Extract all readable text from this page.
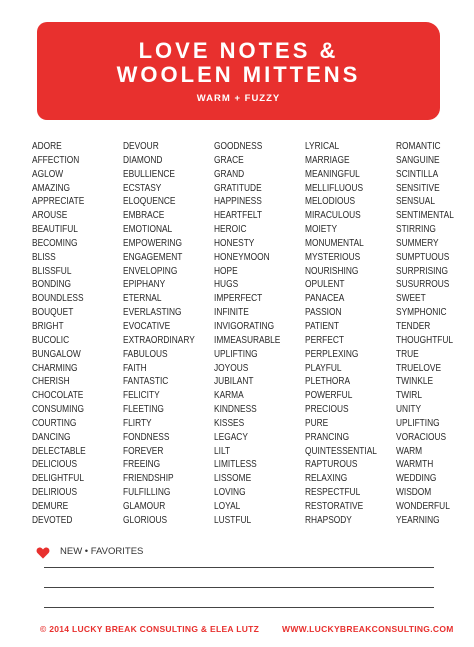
LOVE NOTES &
WOOLEN MITTENS
WARM + FUZZY
ADORE
AFFECTION
AGLOW
AMAZING
APPRECIATE
AROUSE
BEAUTIFUL
BECOMING
BLISS
BLISSFUL
BONDING
BOUNDLESS
BOUQUET
BRIGHT
BUCOLIC
BUNGALOW
CHARMING
CHERISH
CHOCOLATE
CONSUMING
COURTING
DANCING
DELECTABLE
DELICIOUS
DELIGHTFUL
DELIRIOUS
DEMURE
DEVOTED
DEVOUR
DIAMOND
EBULLIENCE
ECSTASY
ELOQUENCE
EMBRACE
EMOTIONAL
EMPOWERING
ENGAGEMENT
ENVELOPING
EPIPHANY
ETERNAL
EVERLASTING
EVOCATIVE
EXTRAORDINARY
FABULOUS
FAITH
FANTASTIC
FELICITY
FLEETING
FLIRTY
FONDNESS
FOREVER
FREEING
FRIENDSHIP
FULFILLING
GLAMOUR
GLORIOUS
GOODNESS
GRACE
GRAND
GRATITUDE
HAPPINESS
HEARTFELT
HEROIC
HONESTY
HONEYMOON
HOPE
HUGS
IMPERFECT
INFINITE
INVIGORATING
IMMEASURABLE
UPLIFTING
JOYOUS
JUBILANT
KARMA
KINDNESS
KISSES
LEGACY
LILT
LIMITLESS
LISSOME
LOVING
LOYAL
LUSTFUL
LYRICAL
MARRIAGE
MEANINGFUL
MELLIFLUOUS
MELODIOUS
MIRACULOUS
MOIETY
MONUMENTAL
MYSTERIOUS
NOURISHING
OPULENT
PANACEA
PASSION
PATIENT
PERFECT
PERPLEXING
PLAYFUL
PLETHORA
POWERFUL
PRECIOUS
PURE
PRANCING
QUINTESSENTIAL
RAPTUROUS
RELAXING
RESPECTFUL
RESTORATIVE
RHAPSODY
ROMANTIC
SANGUINE
SCINTILLA
SENSITIVE
SENSUAL
SENTIMENTAL
STIRRING
SUMMERY
SUMPTUOUS
SURPRISING
SUSURROUS
SWEET
SYMPHONIC
TENDER
THOUGHTFUL
TRUE
TRUELOVE
TWINKLE
TWIRL
UNITY
UPLIFTING
VORACIOUS
WARM
WARMTH
WEDDING
WISDOM
WONDERFUL
YEARNING
NEW • FAVORITES
© 2014 LUCKY BREAK CONSULTING & ELEA LUTZ	WWW.LUCKYBREAKCONSULTING.COM
